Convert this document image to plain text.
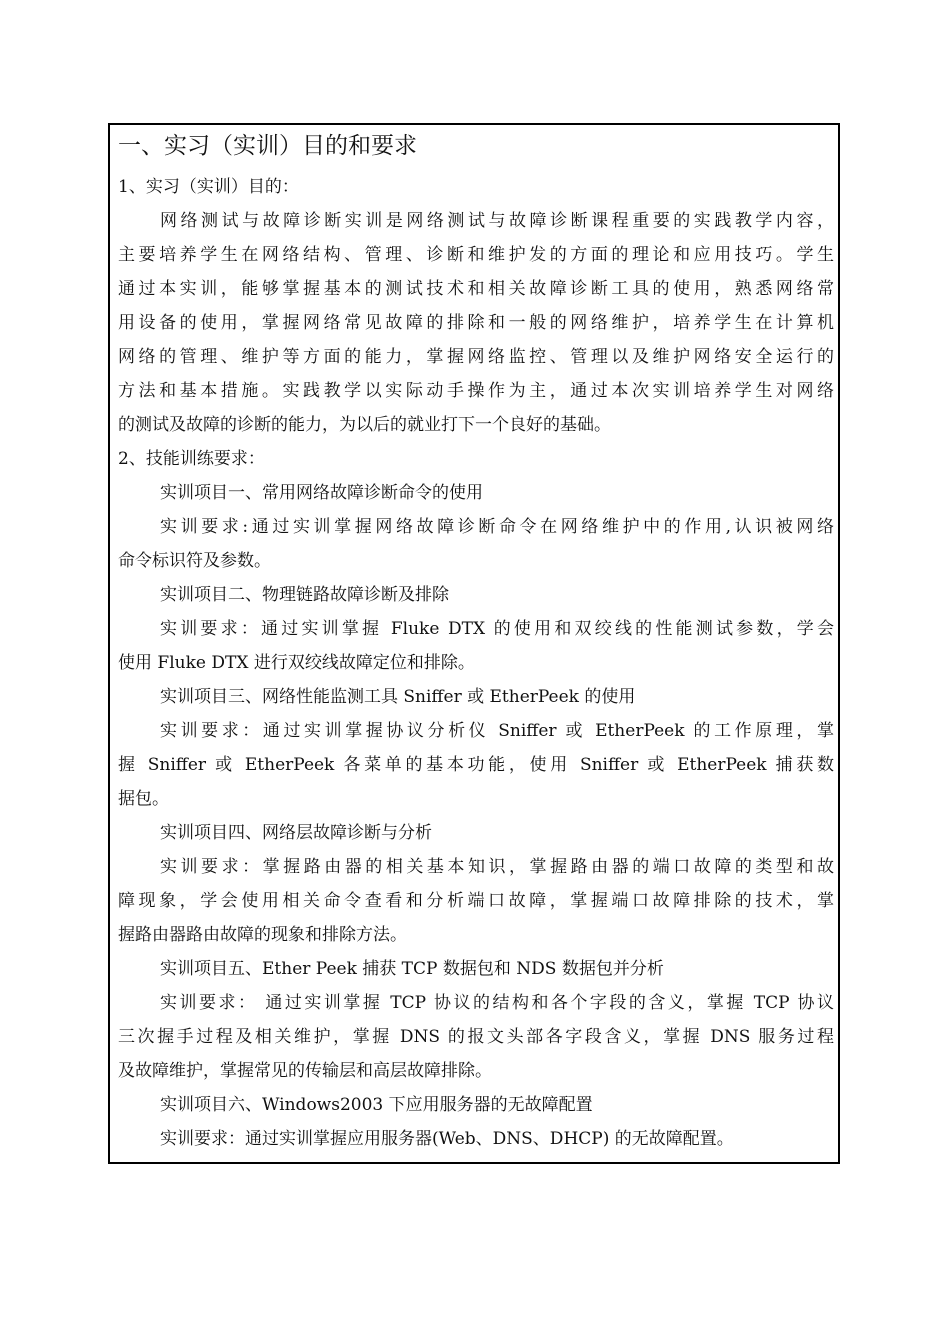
一、实习（实训）目的和要求
1、实习（实训）目的：
网络测试与故障诊断实训是网络测试与故障诊断课程重要的实践教学内容，
主要培养学生在网络结构、管理、诊断和维护发的方面的理论和应用技巧。学生
通过本实训，能够掌握基本的测试技术和相关故障诊断工具的使用，熟悉网络常
用设备的使用，掌握网络常见故障的排除和一般的网络维护，培养学生在计算机
网络的管理、维护等方面的能力，掌握网络监控、管理以及维护网络安全运行的
方法和基本措施。实践教学以实际动手操作为主，通过本次实训培养学生对网络
的测试及故障的诊断的能力，为以后的就业打下一个良好的基础。
2、技能训练要求：
实训项目一、常用网络故障诊断命令的使用
实训要求:通过实训掌握网络故障诊断命令在网络维护中的作用,认识被网络
命令标识符及参数。
实训项目二、物理链路故障诊断及排除
实训要求：通过实训掌握 Fluke DTX 的使用和双绞线的性能测试参数，学会
使用 Fluke DTX 进行双绞线故障定位和排除。
实训项目三、网络性能监测工具 Sniffer 或 EtherPeek 的使用
实训要求：通过实训掌握协议分析仪 Sniffer 或 EtherPeek 的工作原理，掌
握 Sniffer 或 EtherPeek 各菜单的基本功能，使用 Sniffer 或 EtherPeek 捕获数
据包。
实训项目四、网络层故障诊断与分析
实训要求：掌握路由器的相关基本知识，掌握路由器的端口故障的类型和故
障现象，学会使用相关命令查看和分析端口故障，掌握端口故障排除的技术，掌
握路由器路由故障的现象和排除方法。
实训项目五、Ether Peek 捕获 TCP 数据包和 NDS 数据包并分析
实训要求： 通过实训掌握 TCP 协议的结构和各个字段的含义，掌握 TCP 协议
三次握手过程及相关维护，掌握 DNS 的报文头部各字段含义，掌握 DNS 服务过程
及故障维护，掌握常见的传输层和高层故障排除。
实训项目六、Windows2003 下应用服务器的无故障配置
实训要求：通过实训掌握应用服务器(Web、DNS、DHCP) 的无故障配置。
